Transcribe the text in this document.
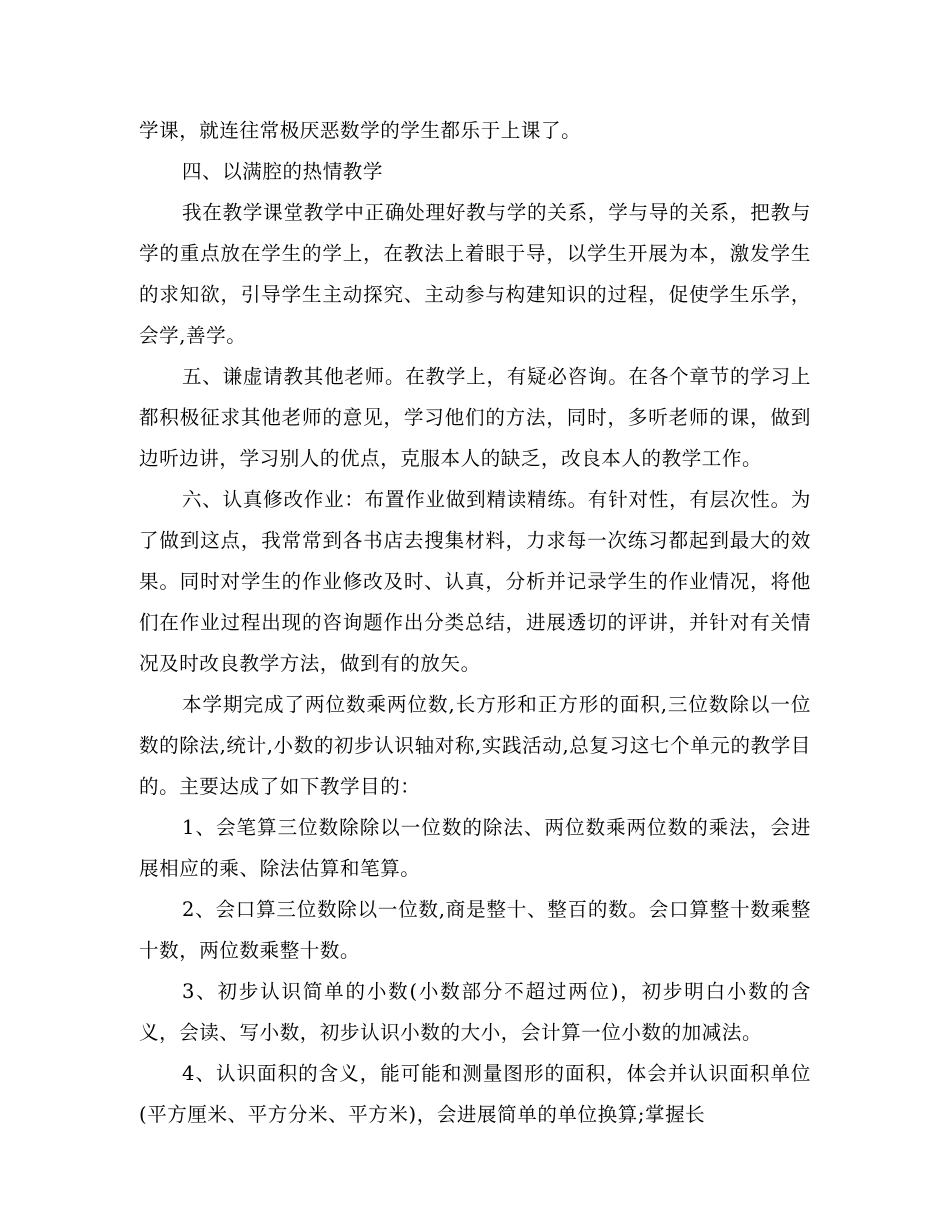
学课，就连往常极厌恶数学的学生都乐于上课了。

四、以满腔的热情教学

我在教学课堂教学中正确处理好教与学的关系，学与导的关系，把教与学的重点放在学生的学上，在教法上着眼于导，以学生开展为本，激发学生的求知欲，引导学生主动探究、主动参与构建知识的过程，促使学生乐学，会学,善学。

五、谦虚请教其他老师。在教学上，有疑必咨询。在各个章节的学习上都积极征求其他老师的意见，学习他们的方法，同时，多听老师的课，做到边听边讲，学习别人的优点，克服本人的缺乏，改良本人的教学工作。

六、认真修改作业：布置作业做到精读精练。有针对性，有层次性。为了做到这点，我常常到各书店去搜集材料，力求每一次练习都起到最大的效果。同时对学生的作业修改及时、认真，分析并记录学生的作业情况，将他们在作业过程出现的咨询题作出分类总结，进展透切的评讲，并针对有关情况及时改良教学方法，做到有的放矢。

本学期完成了两位数乘两位数,长方形和正方形的面积,三位数除以一位数的除法,统计,小数的初步认识轴对称,实践活动,总复习这七个单元的教学目的。主要达成了如下教学目的：

1、会笔算三位数除除以一位数的除法、两位数乘两位数的乘法，会进展相应的乘、除法估算和笔算。

2、会口算三位数除以一位数,商是整十、整百的数。会口算整十数乘整十数，两位数乘整十数。

3、初步认识简单的小数(小数部分不超过两位)，初步明白小数的含义，会读、写小数，初步认识小数的大小，会计算一位小数的加减法。

4、认识面积的含义，能可能和测量图形的面积，体会并认识面积单位(平方厘米、平方分米、平方米)，会进展简单的单位换算;掌握长
